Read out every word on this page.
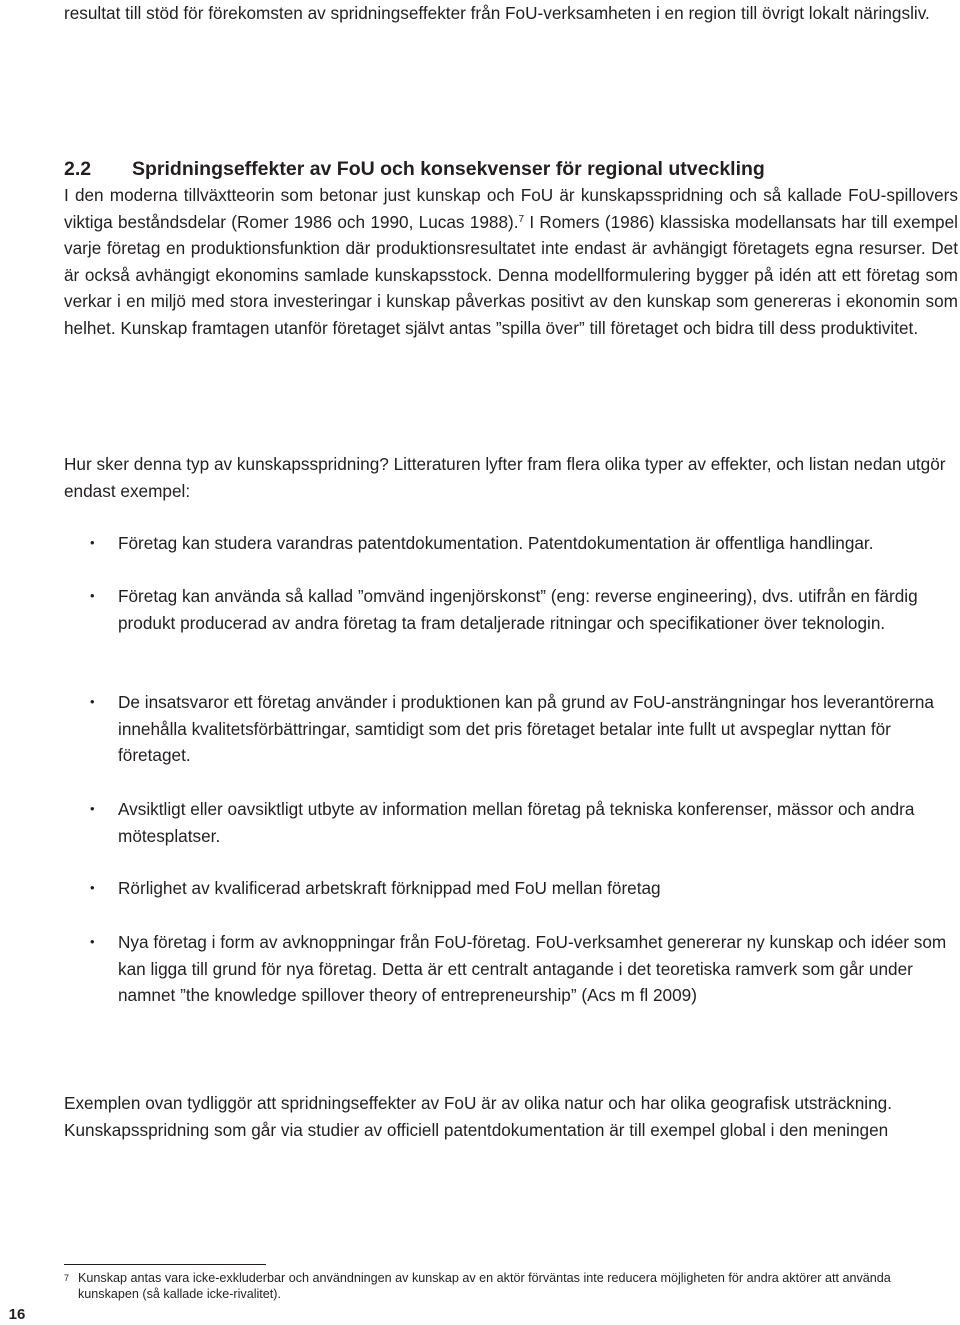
resultat till stöd för förekomsten av spridningseffekter från FoU-verksamheten i en region till övrigt lokalt näringsliv.

2.2 Spridningseffekter av FoU och konsekvenser för regional utveckling

I den moderna tillväxtteorin som betonar just kunskap och FoU är kunskapsspridning och så kallade FoU-spillovers viktiga beståndsdelar (Romer 1986 och 1990, Lucas 1988).$^7$ I Romers (1986) klassiska modellansats har till exempel varje företag en produktionsfunktion där produktionsresultatet inte endast är avhängigt företagets egna resurser. Det är också avhängigt ekonomins samlade kunskapsstock. Denna modellformulering bygger på idén att ett företag som verkar i en miljö med stora investeringar i kunskap påverkas positivt av den kunskap som genereras i ekonomin som helhet. Kunskap framtagen utanför företaget självt antas ”spilla över” till företaget och bidra till dess produktivitet.

Hur sker denna typ av kunskapsspridning? Litteraturen lyfter fram flera olika typer av effekter, och listan nedan utgör endast exempel:

• Företag kan studera varandras patentdokumentation. Patentdokumentation är offentliga handlingar.

• Företag kan använda så kallad ”omvänd ingenjörskonst” (eng: reverse engineering), dvs. utifrån en färdig produkt producerad av andra företag ta fram detaljerade ritningar och specifikationer över teknologin.

• De insatsvaror ett företag använder i produktionen kan på grund av FoU-ansträngningar hos leverantörerna innehålla kvalitetsförbättringar, samtidigt som det pris företaget betalar inte fullt ut avspeglar nyttan för företaget.

• Avsiktligt eller oavsiktligt utbyte av information mellan företag på tekniska konferenser, mässor och andra mötesplatser.

• Rörlighet av kvalificerad arbetskraft förknippad med FoU mellan företag

• Nya företag i form av avknoppningar från FoU-företag. FoU-verksamhet genererar ny kunskap och idéer som kan ligga till grund för nya företag. Detta är ett centralt antagande i det teoretiska ramverk som går under namnet ”the knowledge spillover theory of entrepreneurship” (Acs m fl 2009)

Exemplen ovan tydliggör att spridningseffekter av FoU är av olika natur och har olika geografisk utsträckning. Kunskapsspridning som går via studier av officiell patentdokumentation är till exempel global i den meningen

7 Kunskap antas vara icke-exkluderbar och användningen av kunskap av en aktör förväntas inte reducera möjligheten för andra aktörer att använda kunskapen (så kallade icke-rivalitet).

16
